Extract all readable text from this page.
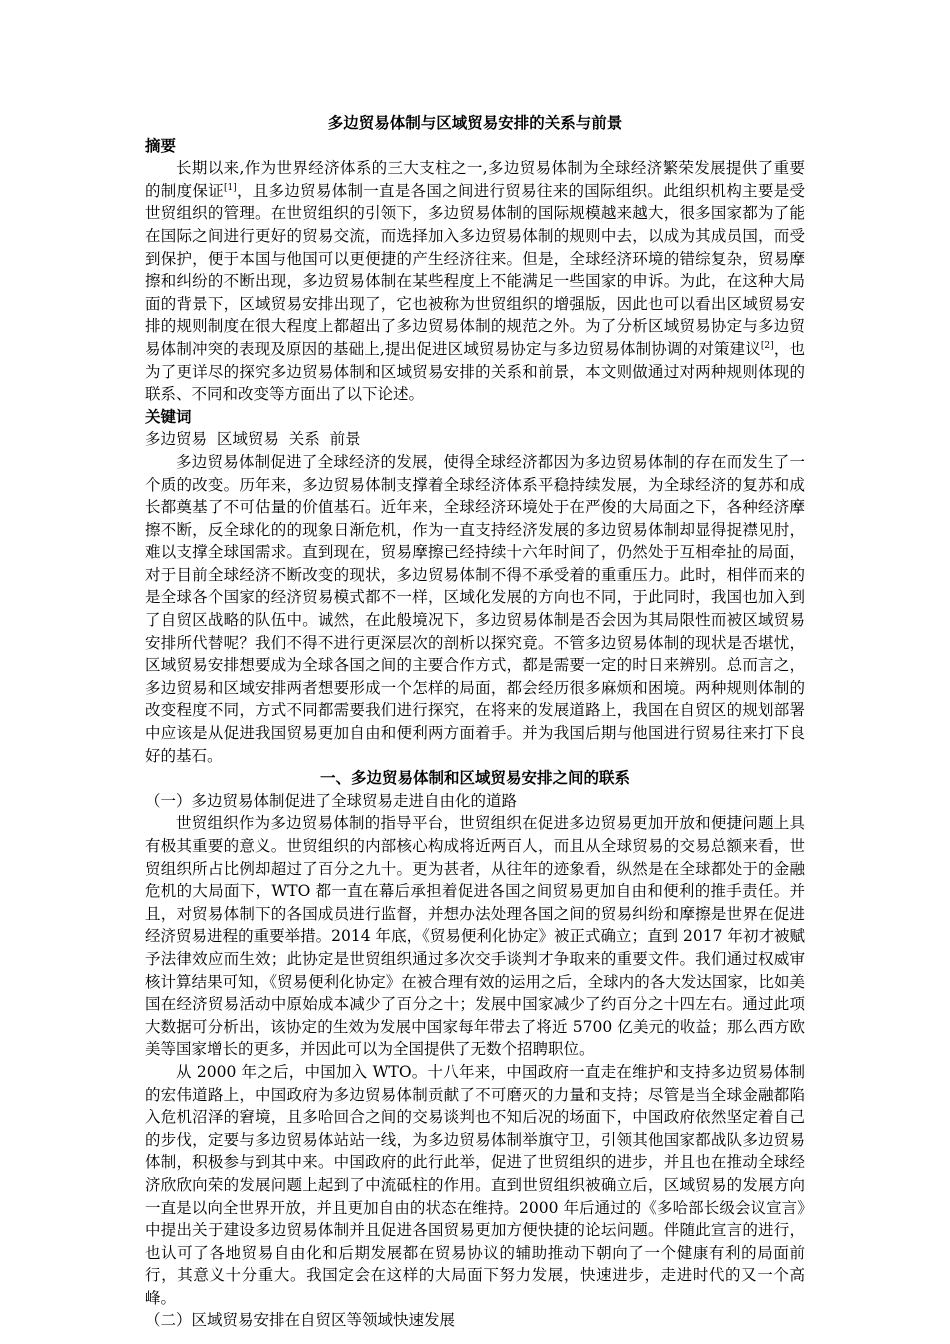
多边贸易体制与区域贸易安排的关系与前景

摘要

长期以来,作为世界经济体系的三大支柱之一,多边贸易体制为全球经济繁荣发展提供了重要的制度保证[1]，且多边贸易体制一直是各国之间进行贸易往来的国际组织。此组织机构主要是受世贸组织的管理。在世贸组织的引领下，多边贸易体制的国际规模越来越大，很多国家都为了能在国际之间进行更好的贸易交流，而选择加入多边贸易体制的规则中去，以成为其成员国，而受到保护，便于本国与他国可以更便捷的产生经济往来。但是，全球经济环境的错综复杂，贸易摩擦和纠纷的不断出现，多边贸易体制在某些程度上不能满足一些国家的申诉。为此，在这种大局面的背景下，区域贸易安排出现了，它也被称为世贸组织的增强版，因此也可以看出区域贸易安排的规则制度在很大程度上都超出了多边贸易体制的规范之外。为了分析区域贸易协定与多边贸易体制冲突的表现及原因的基础上,提出促进区域贸易协定与多边贸易体制协调的对策建议[2]，也为了更详尽的探究多边贸易体制和区域贸易安排的关系和前景，本文则做通过对两种规则体现的联系、不同和改变等方面出了以下论述。

关键词

多边贸易  区域贸易  关系  前景

多边贸易体制促进了全球经济的发展，使得全球经济都因为多边贸易体制的存在而发生了一个质的改变。历年来，多边贸易体制支撑着全球经济体系平稳持续发展，为全球经济的复苏和成长都奠基了不可估量的价值基石。近年来，全球经济环境处于在严俊的大局面之下，各种经济摩擦不断，反全球化的的现象日渐危机，作为一直支持经济发展的多边贸易体制却显得捉襟见肘，难以支撑全球国需求。直到现在，贸易摩擦已经持续十六年时间了，仍然处于互相牵扯的局面，对于目前全球经济不断改变的现状，多边贸易体制不得不承受着的重重压力。此时，相伴而来的是全球各个国家的经济贸易模式都不一样，区域化发展的方向也不同，于此同时，我国也加入到了自贸区战略的队伍中。诚然，在此般境况下，多边贸易体制是否会因为其局限性而被区域贸易安排所代替呢？我们不得不进行更深层次的剖析以探究竟。不管多边贸易体制的现状是否堪忧，区域贸易安排想要成为全球各国之间的主要合作方式，都是需要一定的时日来辨别。总而言之，多边贸易和区域安排两者想要形成一个怎样的局面，都会经历很多麻烦和困境。两种规则体制的改变程度不同，方式不同都需要我们进行探究，在将来的发展道路上，我国在自贸区的规划部署中应该是从促进我国贸易更加自由和便利两方面着手。并为我国后期与他国进行贸易往来打下良好的基石。

一、多边贸易体制和区域贸易安排之间的联系

（一）多边贸易体制促进了全球贸易走进自由化的道路

世贸组织作为多边贸易体制的指导平台，世贸组织在促进多边贸易更加开放和便捷问题上具有极其重要的意义。世贸组织的内部核心构成将近两百人，而且从全球贸易的交易总额来看，世贸组织所占比例却超过了百分之九十。更为甚者，从往年的迹象看，纵然是在全球都处于的金融危机的大局面下，WTO 都一直在幕后承担着促进各国之间贸易更加自由和便利的推手责任。并且，对贸易体制下的各国成员进行监督，并想办法处理各国之间的贸易纠纷和摩擦是世界在促进经济贸易进程的重要举措。2014 年底，《贸易便利化协定》被正式确立；直到 2017 年初才被赋予法律效应而生效；此协定是世贸组织通过多次交手谈判才争取来的重要文件。我们通过权威审核计算结果可知，《贸易便利化协定》在被合理有效的运用之后，全球内的各大发达国家，比如美国在经济贸易活动中原始成本减少了百分之十；发展中国家减少了约百分之十四左右。通过此项大数据可分析出，该协定的生效为发展中国家每年带去了将近 5700 亿美元的收益；那么西方欧美等国家增长的更多，并因此可以为全国提供了无数个招聘职位。

从 2000 年之后，中国加入 WTO。十八年来，中国政府一直走在维护和支持多边贸易体制的宏伟道路上，中国政府为多边贸易体制贡献了不可磨灭的力量和支持；尽管是当全球金融都陷入危机沼泽的窘境，且多哈回合之间的交易谈判也不知后况的场面下，中国政府依然坚定着自己的步伐，定要与多边贸易体站站一线，为多边贸易体制举旗守卫，引领其他国家都战队多边贸易体制，积极参与到其中来。中国政府的此行此举，促进了世贸组织的进步，并且也在推动全球经济欣欣向荣的发展问题上起到了中流砥柱的作用。直到世贸组织被确立后，区域贸易的发展方向一直是以向全世界开放，并且更加自由的状态在维持。2000 年后通过的《多哈部长级会议宣言》中提出关于建设多边贸易体制并且促进各国贸易更加方便快捷的论坛问题。伴随此宣言的进行，也认可了各地贸易自由化和后期发展都在贸易协议的辅助推动下朝向了一个健康有利的局面前行，其意义十分重大。我国定会在这样的大局面下努力发展，快速进步，走进时代的又一个高峰。

（二）区域贸易安排在自贸区等领域快速发展
